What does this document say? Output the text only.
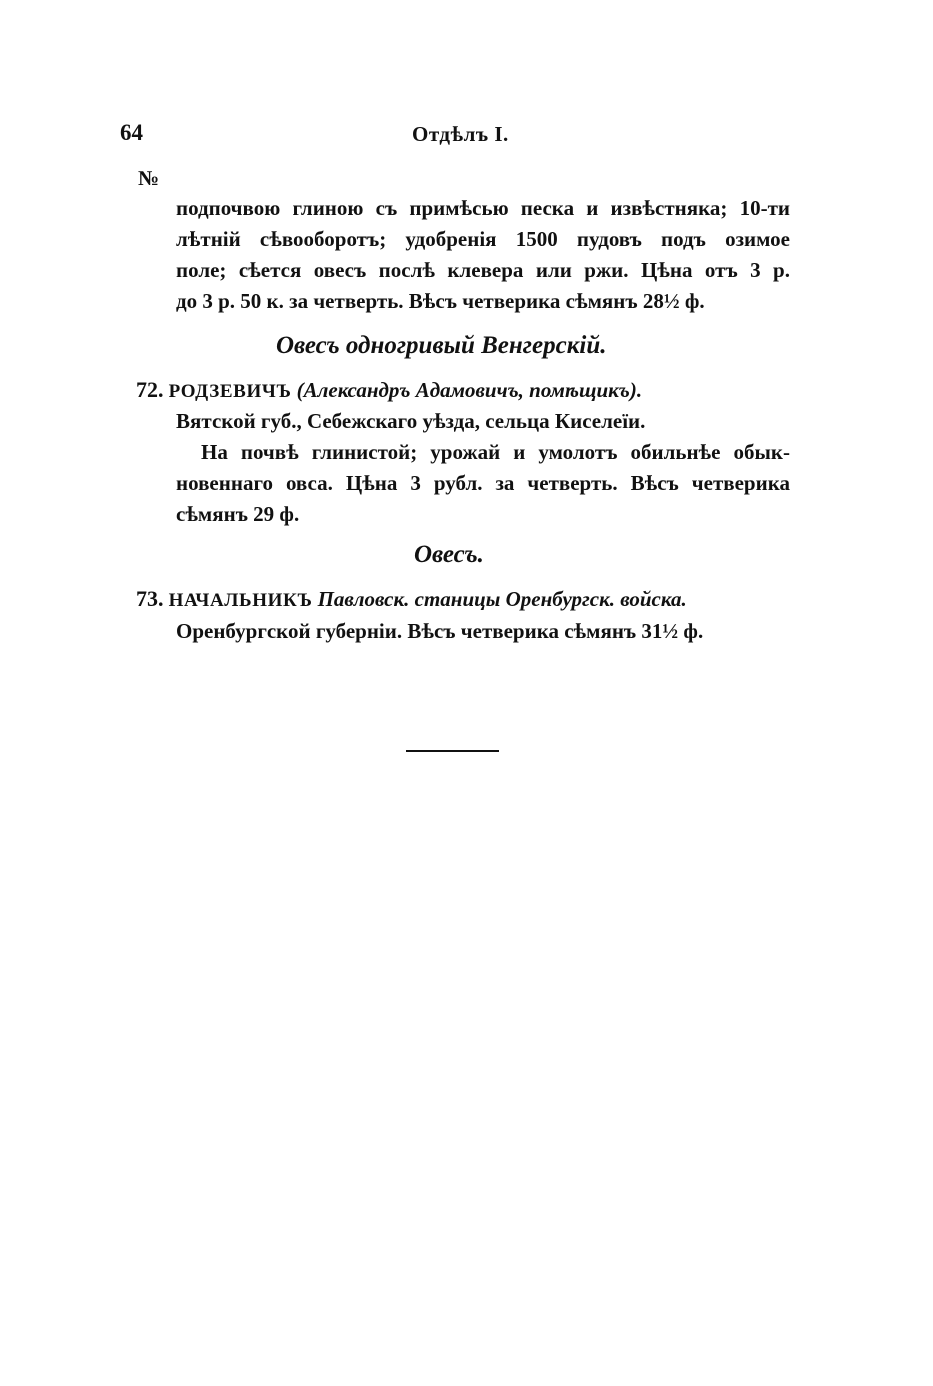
64	Отдѣлъ I.
№
подпочвою глиною съ примѣсью песка и извѣстняка; 10-ти
лѣтній сѣвооборотъ; удобренія 1500 пудовъ подъ озимое
поле; сѣется овесъ послѣ клевера или ржи. Цѣна отъ 3 р.
до 3 р. 50 к. за четверть. Вѣсъ четверика сѣмянъ 28½ ф.
Овесъ одногривый Венгерскій.
72. РОДЗЕВИЧЪ (Александръ Адамовичъ, помѣщикъ).
Вятской губ., Себежскаго уѣзда, сельца Киселеїи.
На почвѣ глинистой; урожай и умолотъ обильнѣе обык-
новеннаго овса. Цѣна 3 рубл. за четверть. Вѣсъ четверика
сѣмянъ 29 ф.
Овесъ.
73. НАЧАЛЬНИКЪ Павловск. станицы Оренбургск. войска.
Оренбургской губерніи. Вѣсъ четверика сѣмянъ 31½ ф.
